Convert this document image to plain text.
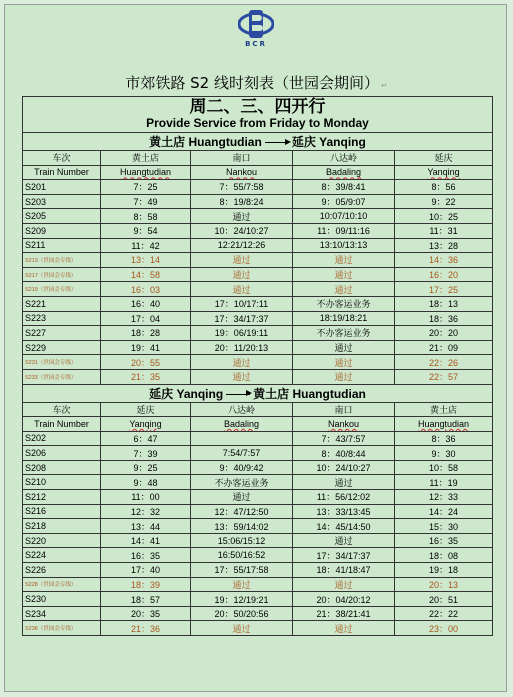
BCR
市郊铁路 S2 线时刻表（世园会期间） ↵
周二、三、四开行
Provide Service from Friday to Monday				

黄土店 Huangtudian 延庆 Yanqing				
车次	黄土店	南口	八达岭	延庆
Train Number	Huangtudian	Nankou	Badaling	Yanqing
S201	7：25	7：55/7:58	8：39/8:41	8：56
S203	7：49	8：19/8:24	9：05/9:07	9：22
S205	8：58	通过	10:07/10:10	10：25
S209	9：54	10：24/10:27	11：09/11:16	11：31
S211	11：42	12:21/12:26	13:10/13:13	13：28
S213（世园会专线）	13：14	通过	通过	14：36
S217（世园会专线）	14：58	通过	通过	16：20
S219（世园会专线）	16：03	通过	通过	17：25
S221	16：40	17：10/17:11	不办客运业务	18：13
S223	17：04	17：34/17:37	18:19/18:21	18：36
S227	18：28	19：06/19:11	不办客运业务	20：20
S229	19：41	20：11/20:13	通过	21：09
S231（世园会专线）	20：55	通过	通过	22：26
S233（世园会专线）	21：35	通过	通过	22：57
延庆 Yanqing 黄土店 Huangtudian				
车次	延庆	八达岭	南口	黄土店
Train Number	Yanqing	Badaling	Nankou	Huangtudian
S202	6：47		7：43/7:57	8：36
S206	7：39	7:54/7:57	8：40/8:44	9：30
S208	9：25	9：40/9:42	10：24/10:27	10：58
S210	9：48	不办客运业务	通过	11：19
S212	11：00	通过	11：56/12:02	12：33
S216	12：32	12：47/12:50	13：33/13:45	14：24
S218	13：44	13：59/14:02	14：45/14:50	15：30
S220	14：41	15:06/15:12	通过	16：35
S224	16：35	16:50/16:52	17：34/17:37	18：08
S226	17：40	17：55/17:58	18：41/18:47	19：18
S228（世园会专线）	18：39	通过	通过	20：13
S230	18：57	19：12/19:21	20：04/20:12	20：51
S234	20：35	20：50/20:56	21：38/21:41	22：22
S236（世园会专线）	21：36	通过	通过	23：00
